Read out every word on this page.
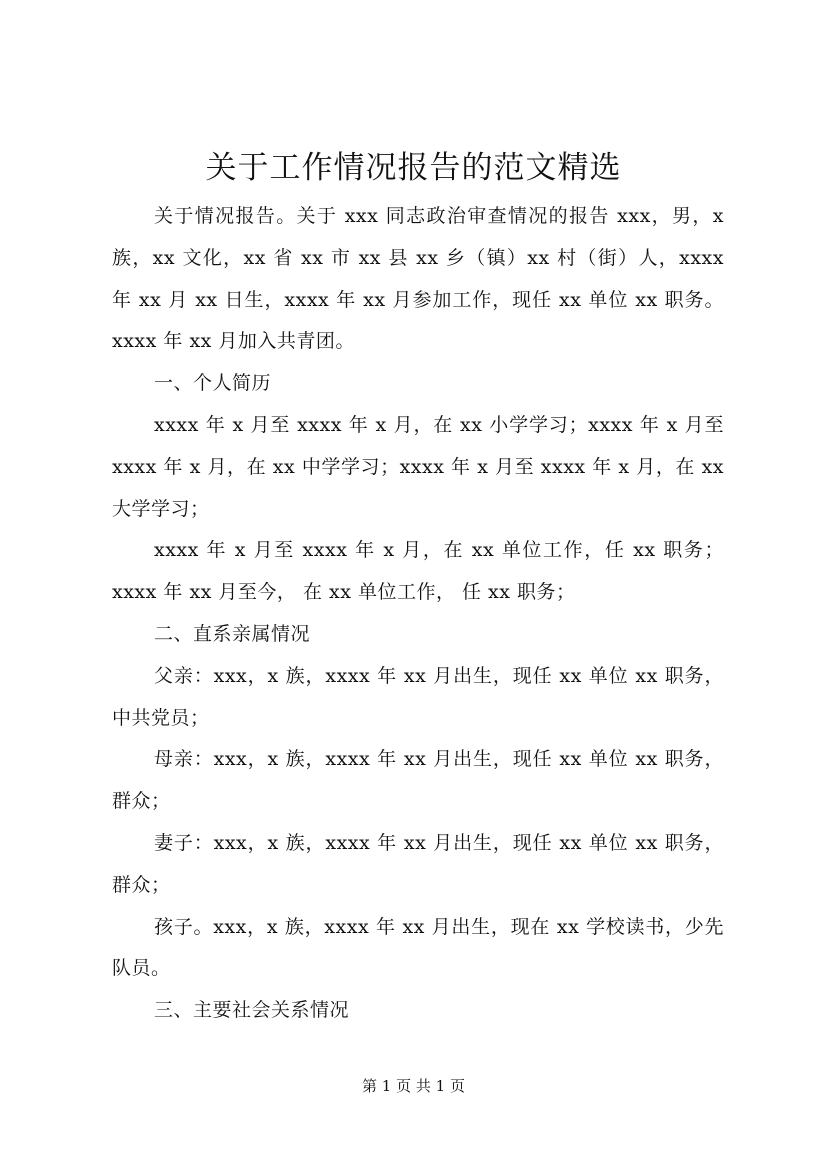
关于工作情况报告的范文精选

关于情况报告。关于 xxx 同志政治审查情况的报告 xxx，男，x 族，xx 文化，xx 省 xx 市 xx 县 xx 乡（镇）xx 村（街）人，xxxx 年 xx 月 xx 日生，xxxx 年 xx 月参加工作，现任 xx 单位 xx 职务。xxxx 年 xx 月加入共青团。

一、个人简历

xxxx 年 x 月至 xxxx 年 x 月，在 xx 小学学习；xxxx 年 x 月至 xxxx 年 x 月，在 xx 中学学习；xxxx 年 x 月至 xxxx 年 x 月，在 xx 大学学习；

xxxx 年 x 月至 xxxx 年 x 月，在 xx 单位工作，任 xx 职务；xxxx 年 xx 月至今， 在 xx 单位工作， 任 xx 职务；

二、直系亲属情况

父亲：xxx，x 族，xxxx 年 xx 月出生，现任 xx 单位 xx 职务，中共党员；

母亲：xxx，x 族，xxxx 年 xx 月出生，现任 xx 单位 xx 职务，群众；

妻子：xxx，x 族，xxxx 年 xx 月出生，现任 xx 单位 xx 职务，群众；

孩子。xxx，x 族，xxxx 年 xx 月出生，现在 xx 学校读书，少先队员。

三、主要社会关系情况

第 1 页 共 1 页
